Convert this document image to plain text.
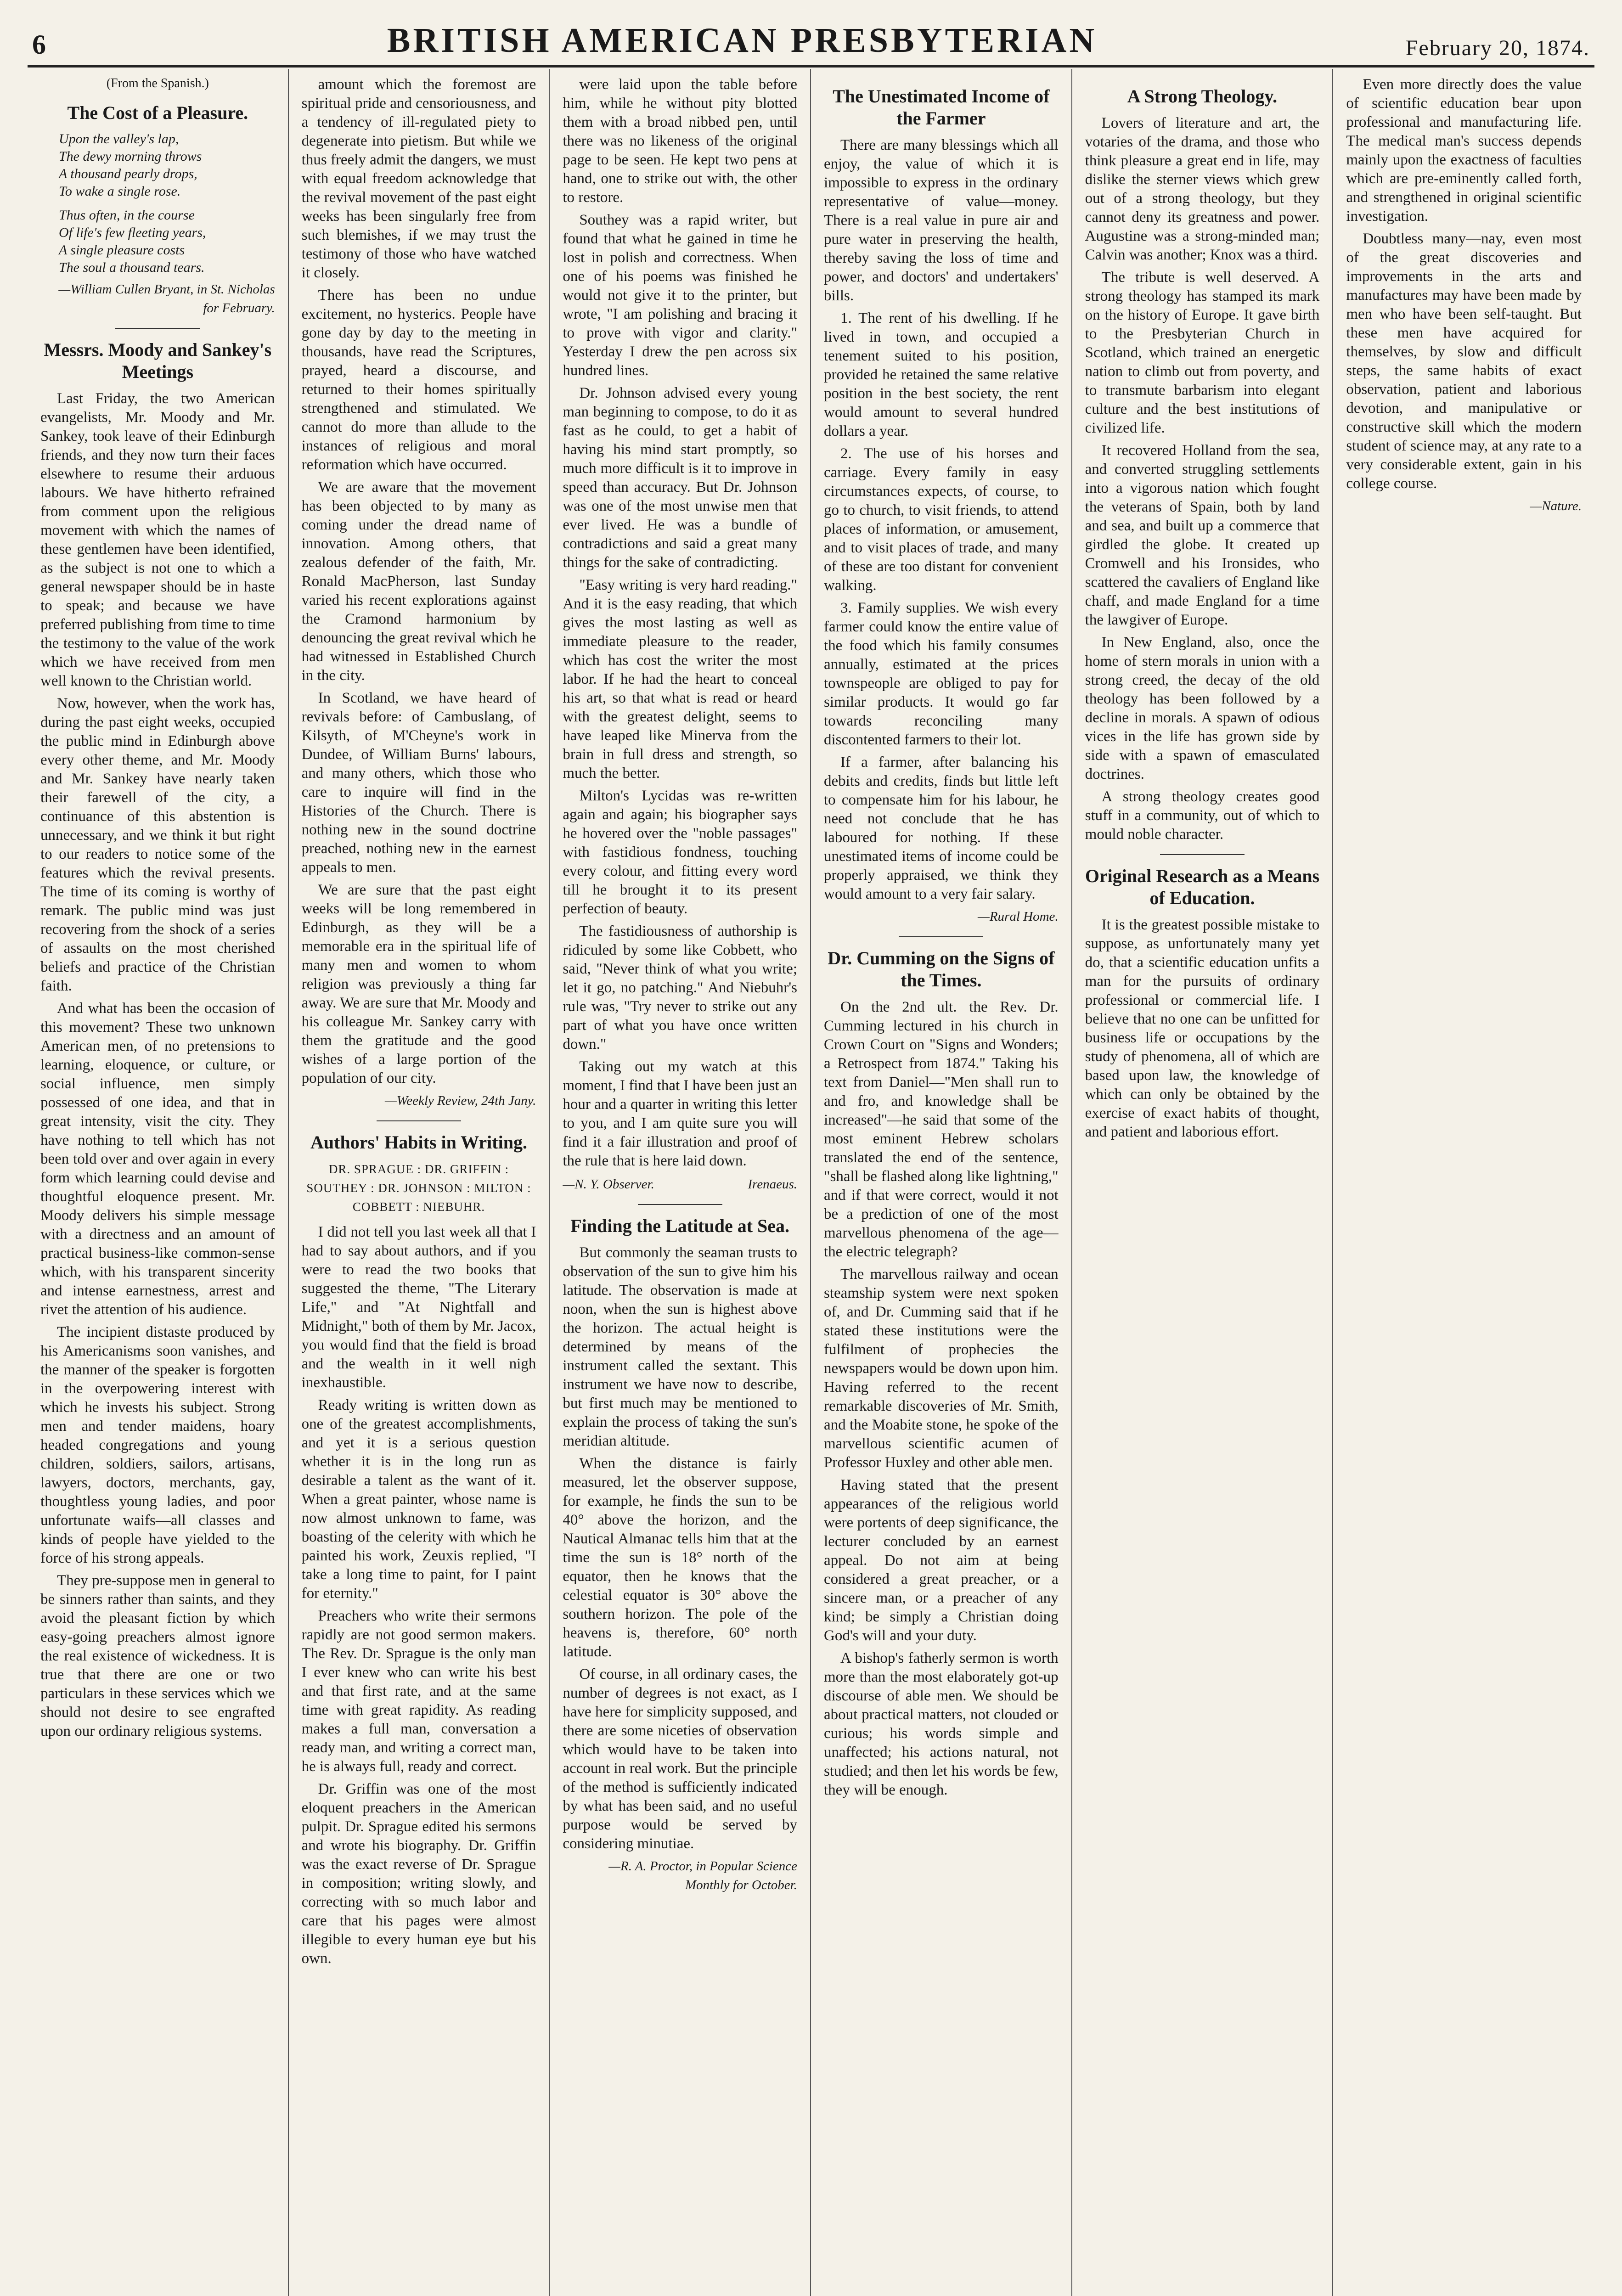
6	BRITISH AMERICAN PRESBYTERIAN	February 20, 1874.
(From the Spanish.)
The Cost of a Pleasure.
Upon the valley's lap,
The dewy morning throws
A thousand pearly drops,
To wake a single rose.
Thus often, in the course
Of life's few fleeting years,
A single pleasure costs
The soul a thousand tears.
—William Cullen Bryant, in St. Nicholas for February.
Messrs. Moody and Sankey's Meetings

Last Friday, the two American evangelists, Mr. Moody and Mr. Sankey, took leave of their Edinburgh friends, and they now turn their faces elsewhere to resume their arduous labours. We have hitherto refrained from comment upon the religious movement with which the names of these gentlemen have been identified, as the subject is not one to which a general newspaper should be in haste to speak; and because we have preferred publishing from time to time the testimony to the value of the work which we have received from men well known to the Christian world.

Now, however, when the work has, during the past eight weeks, occupied the public mind in Edinburgh above every other theme, and Mr. Moody and Mr. Sankey have nearly taken their farewell of the city, a continuance of this abstention is unnecessary, and we think it but right to our readers to notice some of the features which the revival presents. The time of its coming is worthy of remark. The public mind was just recovering from the shock of a series of assaults on the most cherished beliefs and practice of the Christian faith.

And what has been the occasion of this movement? These two unknown American men, of no pretensions to learning, eloquence, or culture, or social influence, men simply possessed of one idea, and that in great intensity, visit the city. They have nothing to tell which has not been told over and over again in every form which learning could devise and thoughtful eloquence present. Mr. Moody delivers his simple message with a directness and an amount of practical business-like common-sense which, with his transparent sincerity and intense earnestness, arrest and rivet the attention of his audience.

The incipient distaste produced by his Americanisms soon vanishes, and the manner of the speaker is forgotten in the overpowering interest with which he invests his subject. Strong men and tender maidens, hoary headed congregations and young children, soldiers, sailors, artisans, lawyers, doctors, merchants, gay, thoughtless young ladies, and poor unfortunate waifs—all classes and kinds of people have yielded to the force of his strong appeals.

They pre-suppose men in general to be sinners rather than saints, and they avoid the pleasant fiction by which easy-going preachers almost ignore the real existence of wickedness. It is true that there are one or two particulars in these services which we should not desire to see engrafted upon our ordinary religious systems.

amount which the foremost are spiritual pride and censoriousness, and a tendency of ill-regulated piety to degenerate into pietism. But while we thus freely admit the dangers, we must with equal freedom acknowledge that the revival movement of the past eight weeks has been singularly free from such blemishes, if we may trust the testimony of those who have watched it closely.

There has been no undue excitement, no hysterics. People have gone day by day to the meeting in thousands, have read the Scriptures, prayed, heard a discourse, and returned to their homes spiritually strengthened and stimulated. We cannot do more than allude to the instances of religious and moral reformation which have occurred.

We are aware that the movement has been objected to by many as coming under the dread name of innovation. Among others, that zealous defender of the faith, Mr. Ronald MacPherson, last Sunday varied his recent explorations against the Cramond harmonium by denouncing the great revival which he had witnessed in Established Church in the city.

In Scotland, we have heard of revivals before: of Cambuslang, of Kilsyth, of M'Cheyne's work in Dundee, of William Burns' labours, and many others, which those who care to inquire will find in the Histories of the Church. There is nothing new in the sound doctrine preached, nothing new in the earnest appeals to men.

We are sure that the past eight weeks will be long remembered in Edinburgh, as they will be a memorable era in the spiritual life of many men and women to whom religion was previously a thing far away. We are sure that Mr. Moody and his colleague Mr. Sankey carry with them the gratitude and the good wishes of a large portion of the population of our city.

—Weekly Review, 24th Jany.
Authors' Habits in Writing.
DR. SPRAGUE : DR. GRIFFIN : SOUTHEY : DR. JOHNSON : MILTON : COBBETT : NIEBUHR.

I did not tell you last week all that I had to say about authors, and if you were to read the two books that suggested the theme, "The Literary Life," and "At Nightfall and Midnight," both of them by Mr. Jacox, you would find that the field is broad and the wealth in it well nigh inexhaustible.

Ready writing is written down as one of the greatest accomplishments, and yet it is a serious question whether it is in the long run as desirable a talent as the want of it. When a great painter, whose name is now almost unknown to fame, was boasting of the celerity with which he painted his work, Zeuxis replied, "I take a long time to paint, for I paint for eternity."

Preachers who write their sermons rapidly are not good sermon makers. The Rev. Dr. Sprague is the only man I ever knew who can write his best and that first rate, and at the same time with great rapidity. As reading makes a full man, conversation a ready man, and writing a correct man, he is always full, ready and correct.

Dr. Griffin was one of the most eloquent preachers in the American pulpit. Dr. Sprague edited his sermons and wrote his biography. Dr. Griffin was the exact reverse of Dr. Sprague in composition; writing slowly, and correcting with so much labor and care that his pages were almost illegible to every human eye but his own.

were laid upon the table before him, while he without pity blotted them with a broad nibbed pen, until there was no likeness of the original page to be seen. He kept two pens at hand, one to strike out with, the other to restore.

Southey was a rapid writer, but found that what he gained in time he lost in polish and correctness. When one of his poems was finished he would not give it to the printer, but wrote, "I am polishing and bracing it to prove with vigor and clarity." Yesterday I drew the pen across six hundred lines.

Dr. Johnson advised every young man beginning to compose, to do it as fast as he could, to get a habit of having his mind start promptly, so much more difficult is it to improve in speed than accuracy. But Dr. Johnson was one of the most unwise men that ever lived. He was a bundle of contradictions and said a great many things for the sake of contradicting.

"Easy writing is very hard reading." And it is the easy reading, that which gives the most lasting as well as immediate pleasure to the reader, which has cost the writer the most labor. If he had the heart to conceal his art, so that what is read or heard with the greatest delight, seems to have leaped like Minerva from the brain in full dress and strength, so much the better.

Milton's Lycidas was re-written again and again; his biographer says he hovered over the "noble passages" with fastidious fondness, touching every colour, and fitting every word till he brought it to its present perfection of beauty.

The fastidiousness of authorship is ridiculed by some like Cobbett, who said, "Never think of what you write; let it go, no patching." And Niebuhr's rule was, "Try never to strike out any part of what you have once written down."

Taking out my watch at this moment, I find that I have been just an hour and a quarter in writing this letter to you, and I am quite sure you will find it a fair illustration and proof of the rule that is here laid down.

—N. Y. Observer.	Irenaeus.
Finding the Latitude at Sea.

But commonly the seaman trusts to observation of the sun to give him his latitude. The observation is made at noon, when the sun is highest above the horizon. The actual height is determined by means of the instrument called the sextant. This instrument we have now to describe, but first much may be mentioned to explain the process of taking the sun's meridian altitude.

When the distance is fairly measured, let the observer suppose, for example, he finds the sun to be 40° above the horizon, and the Nautical Almanac tells him that at the time the sun is 18° north of the equator, then he knows that the celestial equator is 30° above the southern horizon. The pole of the heavens is, therefore, 60° north latitude.

Of course, in all ordinary cases, the number of degrees is not exact, as I have here for simplicity supposed, and there are some niceties of observation which would have to be taken into account in real work. But the principle of the method is sufficiently indicated by what has been said, and no useful purpose would be served by considering minutiae.

—R. A. Proctor, in Popular Science Monthly for October.
The Unestimated Income of the Farmer

There are many blessings which all enjoy, the value of which it is impossible to express in the ordinary representative of value—money. There is a real value in pure air and pure water in preserving the health, thereby saving the loss of time and power, and doctors' and undertakers' bills.

1. The rent of his dwelling. If he lived in town, and occupied a tenement suited to his position, provided he retained the same relative position in the best society, the rent would amount to several hundred dollars a year.

2. The use of his horses and carriage. Every family in easy circumstances expects, of course, to go to church, to visit friends, to attend places of information, or amusement, and to visit places of trade, and many of these are too distant for convenient walking.

3. Family supplies. We wish every farmer could know the entire value of the food which his family consumes annually, estimated at the prices townspeople are obliged to pay for similar products. It would go far towards reconciling many discontented farmers to their lot.

If a farmer, after balancing his debits and credits, finds but little left to compensate him for his labour, he need not conclude that he has laboured for nothing. If these unestimated items of income could be properly appraised, we think they would amount to a very fair salary.

—Rural Home.
Dr. Cumming on the Signs of the Times.

On the 2nd ult. the Rev. Dr. Cumming lectured in his church in Crown Court on "Signs and Wonders; a Retrospect from 1874." Taking his text from Daniel—"Men shall run to and fro, and knowledge shall be increased"—he said that some of the most eminent Hebrew scholars translated the end of the sentence, "shall be flashed along like lightning," and if that were correct, would it not be a prediction of one of the most marvellous phenomena of the age—the electric telegraph?

The marvellous railway and ocean steamship system were next spoken of, and Dr. Cumming said that if he stated these institutions were the fulfilment of prophecies the newspapers would be down upon him. Having referred to the recent remarkable discoveries of Mr. Smith, and the Moabite stone, he spoke of the marvellous scientific acumen of Professor Huxley and other able men.

Having stated that the present appearances of the religious world were portents of deep significance, the lecturer concluded by an earnest appeal. Do not aim at being considered a great preacher, or a sincere man, or a preacher of any kind; be simply a Christian doing God's will and your duty.

A bishop's fatherly sermon is worth more than the most elaborately got-up discourse of able men. We should be about practical matters, not clouded or curious; his words simple and unaffected; his actions natural, not studied; and then let his words be few, they will be enough.

A Strong Theology.

Lovers of literature and art, the votaries of the drama, and those who think pleasure a great end in life, may dislike the sterner views which grew out of a strong theology, but they cannot deny its greatness and power. Augustine was a strong-minded man; Calvin was another; Knox was a third.

The tribute is well deserved. A strong theology has stamped its mark on the history of Europe. It gave birth to the Presbyterian Church in Scotland, which trained an energetic nation to climb out from poverty, and to transmute barbarism into elegant culture and the best institutions of civilized life.

It recovered Holland from the sea, and converted struggling settlements into a vigorous nation which fought the veterans of Spain, both by land and sea, and built up a commerce that girdled the globe. It created up Cromwell and his Ironsides, who scattered the cavaliers of England like chaff, and made England for a time the lawgiver of Europe.

In New England, also, once the home of stern morals in union with a strong creed, the decay of the old theology has been followed by a decline in morals. A spawn of odious vices in the life has grown side by side with a spawn of emasculated doctrines.

A strong theology creates good stuff in a community, out of which to mould noble character.

Original Research as a Means of Education.

It is the greatest possible mistake to suppose, as unfortunately many yet do, that a scientific education unfits a man for the pursuits of ordinary professional or commercial life. I believe that no one can be unfitted for business life or occupations by the study of phenomena, all of which are based upon law, the knowledge of which can only be obtained by the exercise of exact habits of thought, and patient and laborious effort.

Even more directly does the value of scientific education bear upon professional and manufacturing life. The medical man's success depends mainly upon the exactness of faculties which are pre-eminently called forth, and strengthened in original scientific investigation.

Doubtless many—nay, even most of the great discoveries and improvements in the arts and manufactures may have been made by men who have been self-taught. But these men have acquired for themselves, by slow and difficult steps, the same habits of exact observation, patient and laborious devotion, and manipulative or constructive skill which the modern student of science may, at any rate to a very considerable extent, gain in his college course.

—Nature.
